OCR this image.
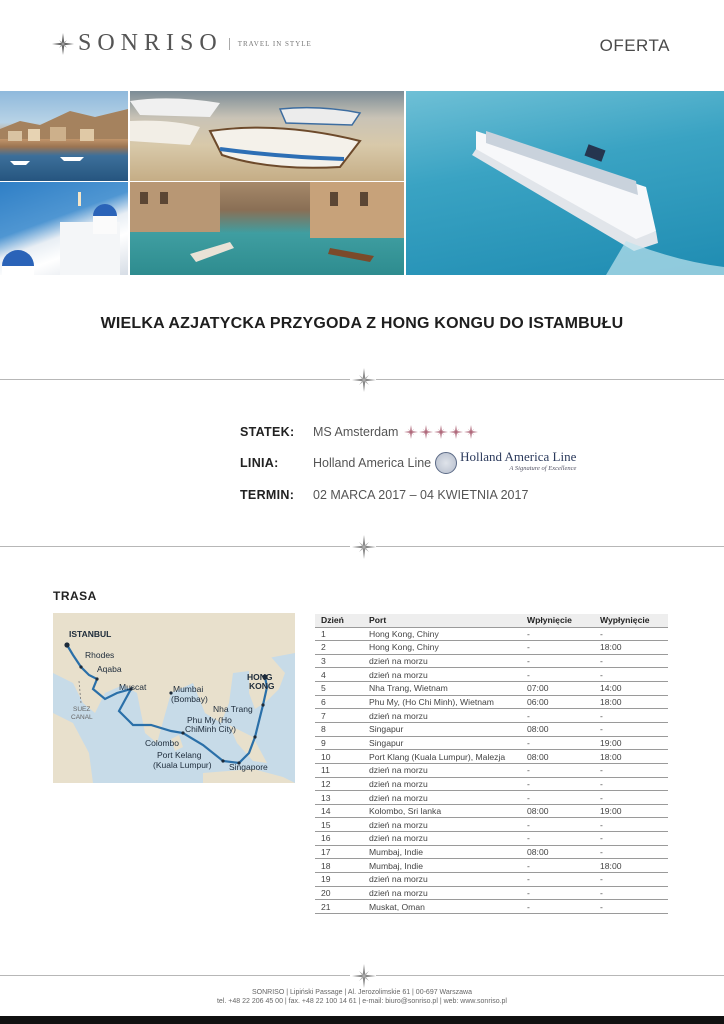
SONRISO	TRAVEL IN STYLE	OFERTA
WIELKA AZJATYCKA PRZYGODA Z HONG KONGU DO ISTAMBUŁU
STATEK:	MS Amsterdam
LINIA:	Holland America Line Holland America Line
A Signature of Excellence
TERMIN:	02 MARCA 2017 – 04 KWIETNIA 2017
TRASA
ISTANBUL
Rhodes
Aqaba
SUEZ
CANAL
Muscat	Mumbai
(Bombay)
HONG
KONG
Nha Trang
Phu My (Ho
ChiMinh City)
Colombo
Port Kelang
(Kuala Lumpur) Singapore
Dzień	Port	Wpłynięcie	Wypłynięcie
1	Hong Kong, Chiny	-	-
2	Hong Kong, Chiny	-	18:00
3	dzień na morzu	-	-
4	dzień na morzu	-	-
5	Nha Trang, Wietnam	07:00	14:00
6	Phu My, (Ho Chi Minh), Wietnam	06:00	18:00
7	dzień na morzu	-	-
8	Singapur	08:00	-
9	Singapur	-	19:00
10	Port Klang (Kuala Lumpur), Malezja	08:00	18:00
11	dzień na morzu	-	-
12	dzień na morzu	-	-
13	dzień na morzu	-	-
14	Kolombo, Sri lanka	08:00	19:00
15	dzień na morzu	-	-
16	dzień na morzu	-	-
17	Mumbaj, Indie	08:00	-
18	Mumbaj, Indie	-	18:00
19	dzień na morzu	-	-
20	dzień na morzu	-	-
21	Muskat, Oman	-	-
SONRISO | Lipiński Passage | Al. Jerozolimskie 61 | 00-697 Warszawa
tel. +48 22 206 45 00 | fax. +48 22 100 14 61 | e-mail: biuro@sonriso.pl | web: www.sonriso.pl
